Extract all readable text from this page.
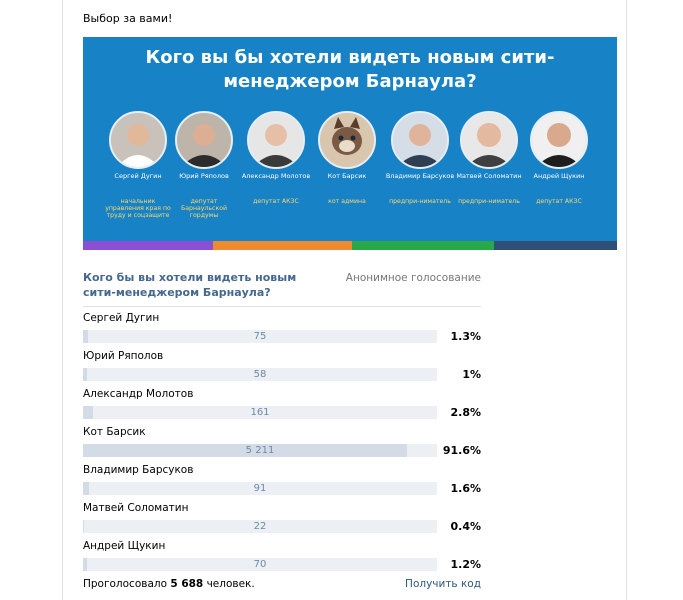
Выбор за вами!
Кого вы бы хотели видеть новым сити-
менеджером Барнаула?
Сергей Дугин
начальник управления края по труду и соцзащите
Юрий Ряполов
депутат Барнаульской гордумы
Александр Молотов
депутат АКЗС
Кот Барсик
кот админа
Владимир Барсуков
предпри-ниматель
Матвей Соломатин
предпри-ниматель
Андрей Щукин
депутат АКЗС
Кого бы вы хотели видеть новым сити-менеджером Барнаула?
Анонимное голосование
Сергей Дугин
75	1.3%
Юрий Ряполов
58	1%
Александр Молотов
161	2.8%
Кот Барсик
5 211	91.6%
Владимир Барсуков
91	1.6%
Матвей Соломатин
22	0.4%
Андрей Щукин
70	1.2%
Проголосовало 5 688 человек.	Получить код
